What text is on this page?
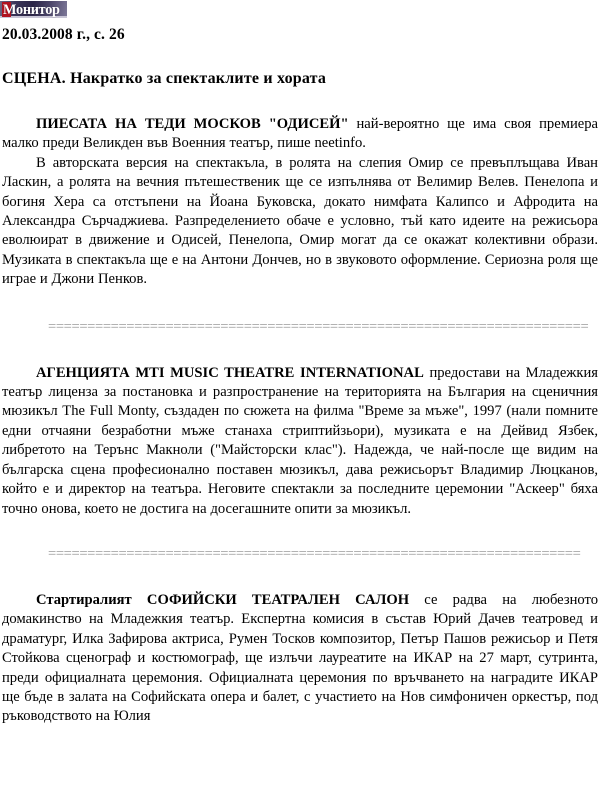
Монитор
20.03.2008 г., с. 26
СЦЕНА. Накратко за спектаклите и хората

ПИЕСАТА НА ТЕДИ МОСКОВ "ОДИСЕЙ" най-вероятно ще има своя премиера малко преди Великден във Военния театър, пише neetinfo.

В авторската версия на спектакъла, в ролята на слепия Омир се превъплъщава Иван Ласкин, а ролята на вечния пътешественик ще се изпълнява от Велимир Велев. Пенелопа и богиня Хера са отстъпени на Йоана Буковска, докато нимфата Калипсо и Афродита на Александра Сърчаджиева. Разпределението обаче е условно, тъй като идеите на режисьора еволюират в движение и Одисей, Пенелопа, Омир могат да се окажат колективни образи. Музиката в спектакъла ще е на Антони Дончев, но в звуковото оформление. Сериозна роля ще играе и Джони Пенков.

=====================================================================

АГЕНЦИЯТА MTI MUSIC THEATRE INTERNATIONAL предостави на Младежкия театър лиценза за постановка и разпространение на територията на България на сценичния мюзикъл The Full Monty, създаден по сюжета на филма "Време за мъже", 1997 (нали помните едни отчаяни безработни мъже станаха стриптийзьори), музиката е на Дейвид Язбек, либретото на Терънс Макноли ("Майсторски клас"). Надежда, че най-после ще видим на българска сцена професионално поставен мюзикъл, дава режисьорът Владимир Люцканов, който е и директор на театъра. Неговите спектакли за последните церемонии "Аскеер" бяха точно онова, което не достига на досегашните опити за мюзикъл.

====================================================================

Стартиралият СОФИЙСКИ ТЕАТРАЛЕН САЛОН се радва на любезното домакинство на Младежкия театър. Експертна комисия в състав Юрий Дачев театровед и драматург, Илка Зафирова актриса, Румен Тосков композитор, Петър Пашов режисьор и Петя Стойкова сценограф и костюмограф, ще излъчи лауреатите на ИКАР на 27 март, сутринта, преди официалната церемония. Официалната церемония по връчването на наградите ИКАР ще бъде в залата на Софийската опера и балет, с участието на Нов симфоничен оркестър, под ръководството на Юлия
